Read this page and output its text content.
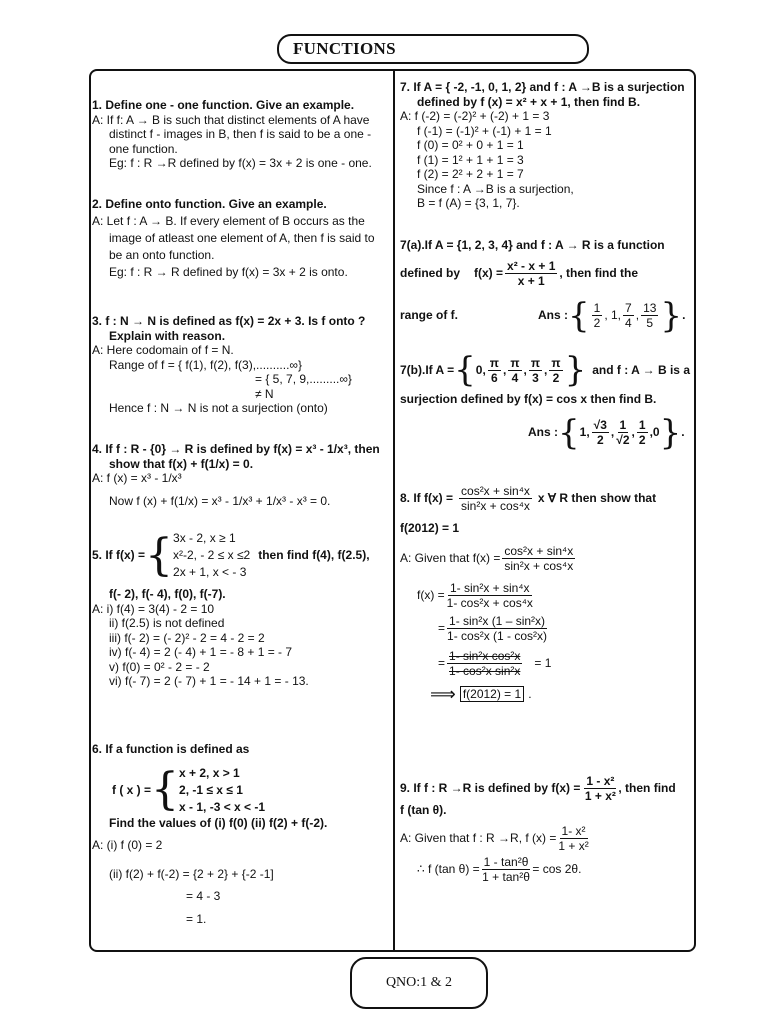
FUNCTIONS
1. Define one - one function. Give an example.
A: If f: A → B is such that distinct elements of A have
distinct f - images in B, then f is said to be a one -
one function.
Eg: f : R →R defined by f(x) = 3x + 2 is one - one.
2. Define onto function. Give an example.
A: Let f : A → B. If every element of B occurs as the
image of atleast one element of A, then f is said to
be an onto function.
Eg: f : R → R defined by f(x) = 3x + 2 is onto.
3. f : N → N is defined as f(x) = 2x + 3. Is f onto ?
Explain with reason.
A: Here codomain of f = N.
Range of f = { f(1), f(2), f(3),..........∞}
= { 5, 7, 9,.........∞}
≠ N
Hence f : N → N is not a surjection (onto)
4. If f : R - {0} → R is defined by f(x) = x³ - 1/x³, then
show that f(x) + f(1/x) = 0.
A: f (x) = x³ - 1/x³
Now f (x) + f(1/x) = x³ - 1/x³ + 1/x³ - x³ = 0.
5. If f(x) = { 3x - 2, x ≥ 1
x²-2, - 2 ≤ x ≤2
2x + 1, x < - 3
then find f(4), f(2.5),
f(- 2), f(- 4), f(0), f(-7).
A: i) f(4) = 3(4) - 2 = 10
ii) f(2.5) is not defined
iii) f(- 2) = (- 2)² - 2 = 4 - 2 = 2
iv) f(- 4) = 2 (- 4) + 1 = - 8 + 1 = - 7
v) f(0) = 0² - 2 = - 2
vi) f(- 7) = 2 (- 7) + 1 = - 14 + 1 = - 13.
6. If a function is defined as
f ( x ) = { x + 2, x > 1
2, -1 ≤ x ≤ 1
x - 1, -3 < x < -1
Find the values of (i) f(0) (ii) f(2) + f(-2).
A: (i) f (0) = 2
(ii) f(2) + f(-2) = {2 + 2} + {-2 -1]
= 4 - 3
= 1.
7. If A = { -2, -1, 0, 1, 2} and f : A →B is a surjection
defined by f (x) = x² + x + 1, then find B.
A: f (-2) = (-2)² + (-2) + 1 = 3
f (-1) = (-1)² + (-1) + 1 = 1
f (0) = 0² + 0 + 1 = 1
f (1) = 1² + 1 + 1 = 3
f (2) = 2² + 2 + 1 = 7
Since f : A →B is a surjection,
B = f (A) = {3, 1, 7}.
7(a).If A = {1, 2, 3, 4} and f : A → R is a function
defined by $f(x) = \frac{\text{x² - x + 1}}{x + 1}$ , then find the
range of f.	Ans : { $\frac{1}{2}$ , 1, $\frac{7}{4}$ , $\frac{13}{5}$ } .
7(b).If A = { 0, $\frac{\pi}{6}$ , $\frac{\pi}{4}$ , $\frac{\pi}{3}$ , $\frac{\pi}{2}$ } and f : A → B is a
surjection defined by f(x) = cos x then find B.
Ans : { 1, $\frac{√3}{2}$ , $\frac{1}{√2}$ , $\frac{1}{2}$ , 0 } .
8. If $f(x) = \frac{\text{cos²x + sin⁴x}}{\text{sin²x + cos⁴x}}$ x ∀ R then show that
f(2012) = 1
A: Given that $f(x) = \frac{\text{cos²x + sin⁴x}}{\text{sin²x + cos⁴x}}$
$f(x) = \frac{\text{1- sin²x + sin⁴x}}{\text{1- cos²x + cos⁴x}}$
= $\frac{\text{1- sin²x (1 – sin²x)}}{\text{1- cos²x (1 - cos²x)}}$
= $\frac{\text{1- sin²x cos²x}}{\text{1- cos²x sin²x}} = 1$
⟹ f(2012) = 1 .
9. If f : R →R is defined by $f(x) = \frac{\text{1 - x²}}{\text{1 + x²}}$ , then find
f (tan θ).
A: Given that f : R →R, f $(x) = \frac{\text{1- x²}}{\text{1 + x²}}$
∴ f (tan $\theta) = \frac{\text{1 - tan²θ}}{\text{1 + tan²θ}} = \cos 2\theta$.
QNO:1 & 2
